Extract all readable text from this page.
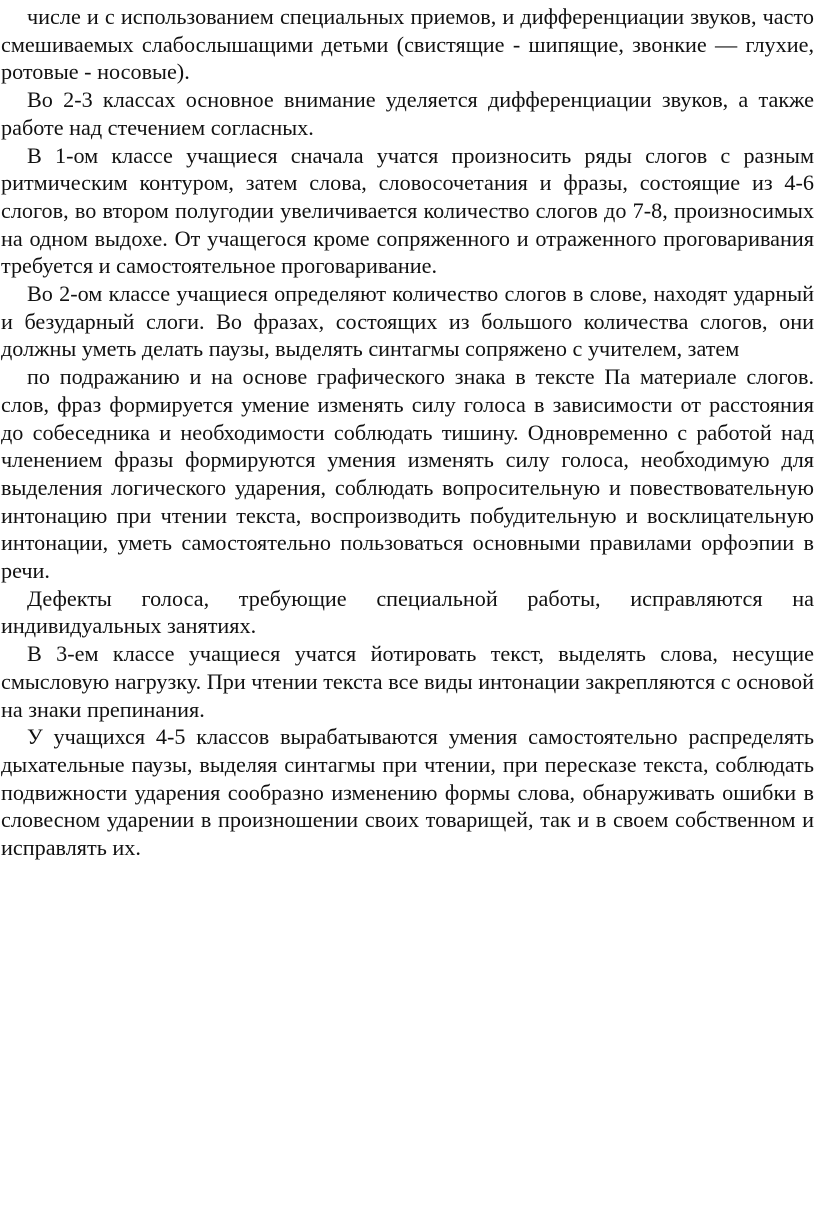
числе и с использованием специальных приемов, и дифференциации звуков, часто смешиваемых слабослышащими детьми (свистящие - шипящие, звонкие — глухие, ротовые - носовые).

Во 2-3 классах основное внимание уделяется дифференциации звуков, а также работе над стечением согласных.

В 1-ом классе учащиеся сначала учатся произносить ряды слогов с разным ритмическим контуром, затем слова, словосочетания и фразы, состоящие из 4-6 слогов, во втором полугодии увеличивается количество слогов до 7-8, произносимых на одном выдохе. От учащегося кроме сопряженного и отраженного проговаривания требуется и самостоятельное проговаривание.

Во 2-ом классе учащиеся определяют количество слогов в слове, находят ударный и безударный слоги. Во фразах, состоящих из большого количества слогов, они должны уметь делать паузы, выделять синтагмы сопряжено с учителем, затем

по подражанию и на основе графического знака в тексте Па материале слогов. слов, фраз формируется умение изменять силу голоса в зависимости от расстояния до собеседника и необходимости соблюдать тишину. Одновременно с работой над членением фразы формируются умения изменять силу голоса, необходимую для выделения логического ударения, соблюдать вопросительную и повествовательную интонацию при чтении текста, воспроизводить побудительную и восклицательную интонации, уметь самостоятельно пользоваться основными правилами орфоэпии в речи.

Дефекты голоса, требующие специальной работы, исправляются на индивидуальных занятиях.

В 3-ем классе учащиеся учатся йотировать текст, выделять слова, несущие смысловую нагрузку. При чтении текста все виды интонации закрепляются с основой на знаки препинания.

У учащихся 4-5 классов вырабатываются умения самостоятельно распределять дыхательные паузы, выделяя синтагмы при чтении, при пересказе текста, соблюдать подвижности ударения сообразно изменению формы слова, обнаруживать ошибки в словесном ударении в произношении своих товарищей, так и в своем собственном и исправлять их.
